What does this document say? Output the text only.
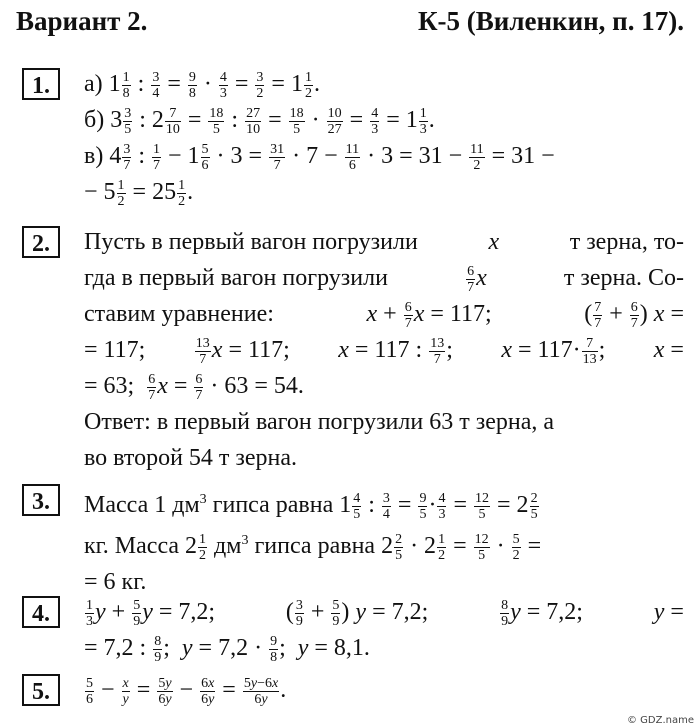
Вариант 2.	К-5 (Виленкин, п. 17).
1.	а) $1 \frac{1}{8}$ : $\frac{3}{4} = \frac{9}{8} \cdot \frac{4}{3} = \frac{3}{2} = 1 \frac{1}{2}$ .
б) $3 \frac{3}{5}$ : $2 \frac{7}{10} = \frac{18}{5}$ : $\frac{27}{10} = \frac{18}{5} \cdot \frac{10}{27} = \frac{4}{3} = 1 \frac{1}{3}$ .
в) $4 \frac{3}{7}$ : $\frac{1}{7} - 1 \frac{5}{6} \cdot 3 = \frac{31}{7} \cdot 7 - \frac{11}{6} \cdot 3 = 31 - \frac{11}{2} = 31$ −
− $5 \frac{1}{2} = 25 \frac{1}{2}$ .
2.	Пусть в первый вагон погрузили	x	т зерна, то-
гда в первый вагон погрузили	$\frac{6}{7}$ x	т зерна. Со-
ставим уравнение:	$x + \frac{6}{7}$ x = 117;	( $\frac{7}{7} + \frac{6}{7}$ ) x =
= 117;	$\frac{13}{7}$ x = 117; x = 117 : $\frac{13}{7}$ ; $x = 117\cdot \frac{7}{13}$ ; x =
= 63; $\frac{6}{7}$ $x = \frac{6}{7} \cdot 63 = 54$.
Ответ: в первый вагон погрузили 63 т зерна, а
во второй 54 т зерна.
3.	Масса 1 $дм^3$ гипса равна $1 \frac{4}{5}$ : $\frac{3}{4} = \frac{9}{5} \cdot \frac{4}{3} = \frac{12}{5} = 2 \frac{2}{5}$
кг. Масса $2 \frac{1}{2} дм^3$ гипса равна $2 \frac{2}{5} \cdot 2 \frac{1}{2} = \frac{12}{5} \cdot \frac{5}{2}$ =
= 6 кг.
4.	$\frac{1}{3}$ $y + \frac{5}{9}$ y = 7,2;	( $\frac{3}{9} + \frac{5}{9}$ ) y = 7,2;	$\frac{8}{9}$ y = 7,2;	y =
= 7,2 : $\frac{8}{9}$ ;  $y = 7,2 \cdot \frac{9}{8}$ ;  y = 8,1.
5.	$\frac{5}{6} - \frac{x}{y} = \frac{5y}{6y} - \frac{6x}{6y} = \frac{5y-6x}{6y}$ .
© GDZ.name
